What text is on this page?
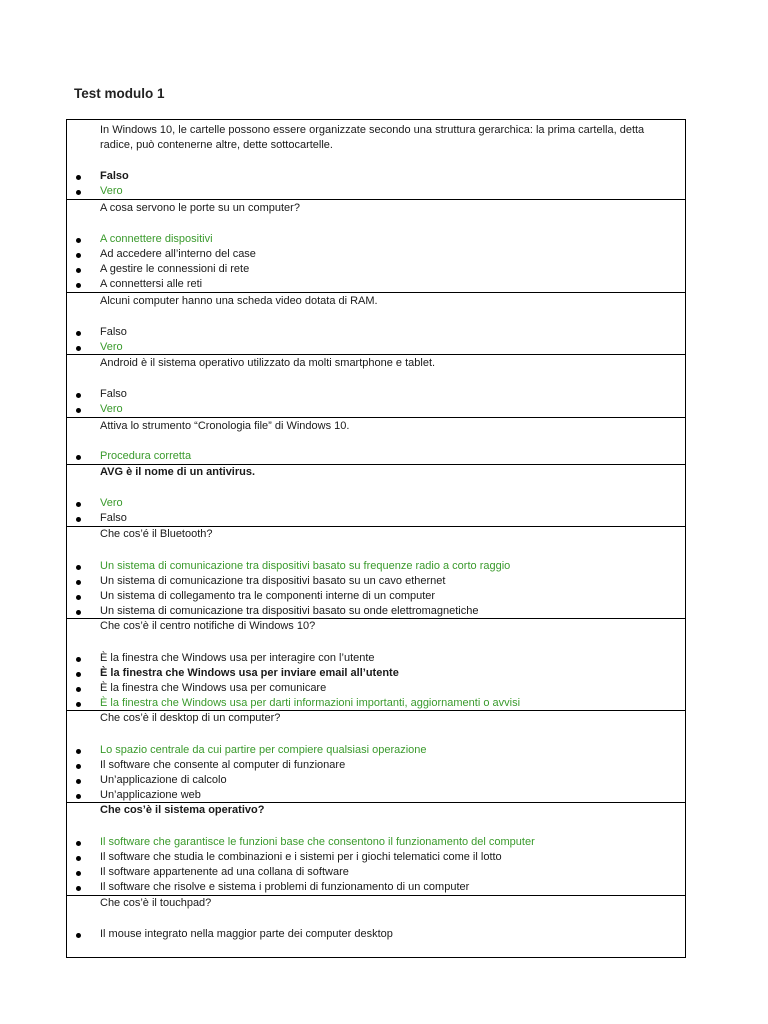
Test modulo 1
In Windows 10, le cartelle possono essere organizzate secondo una struttura gerarchica: la prima cartella, detta radice, può contenerne altre, dette sottocartelle.
Falso
Vero
A cosa servono le porte su un computer?
A connettere dispositivi
Ad accedere all’interno del case
A gestire le connessioni di rete
A connettersi alle reti
Alcuni computer hanno una scheda video dotata di RAM.
Falso
Vero
Android è il sistema operativo utilizzato da molti smartphone e tablet.
Falso
Vero
Attiva lo strumento “Cronologia file” di Windows 10.
Procedura corretta
AVG è il nome di un antivirus.
Vero
Falso
Che cos’é il Bluetooth?
Un sistema di comunicazione tra dispositivi basato su frequenze radio a corto raggio
Un sistema di comunicazione tra dispositivi basato su un cavo ethernet
Un sistema di collegamento tra le componenti interne di un computer
Un sistema di comunicazione tra dispositivi basato su onde elettromagnetiche
Che cos’è il centro notifiche di Windows 10?
È la finestra che Windows usa per interagire con l’utente
È la finestra che Windows usa per inviare email all’utente
È la finestra che Windows usa per comunicare
È la finestra che Windows usa per darti informazioni importanti, aggiornamenti o avvisi
Che cos’è il desktop di un computer?
Lo spazio centrale da cui partire per compiere qualsiasi operazione
Il software che consente al computer di funzionare
Un’applicazione di calcolo
Un’applicazione web
Che cos’è il sistema operativo?
Il software che garantisce le funzioni base che consentono il funzionamento del computer
Il software che studia le combinazioni e i sistemi per i giochi telematici come il lotto
Il software appartenente ad una collana di software
Il software che risolve e sistema i problemi di funzionamento di un computer
Che cos’è il touchpad?
Il mouse integrato nella maggior parte dei computer desktop
